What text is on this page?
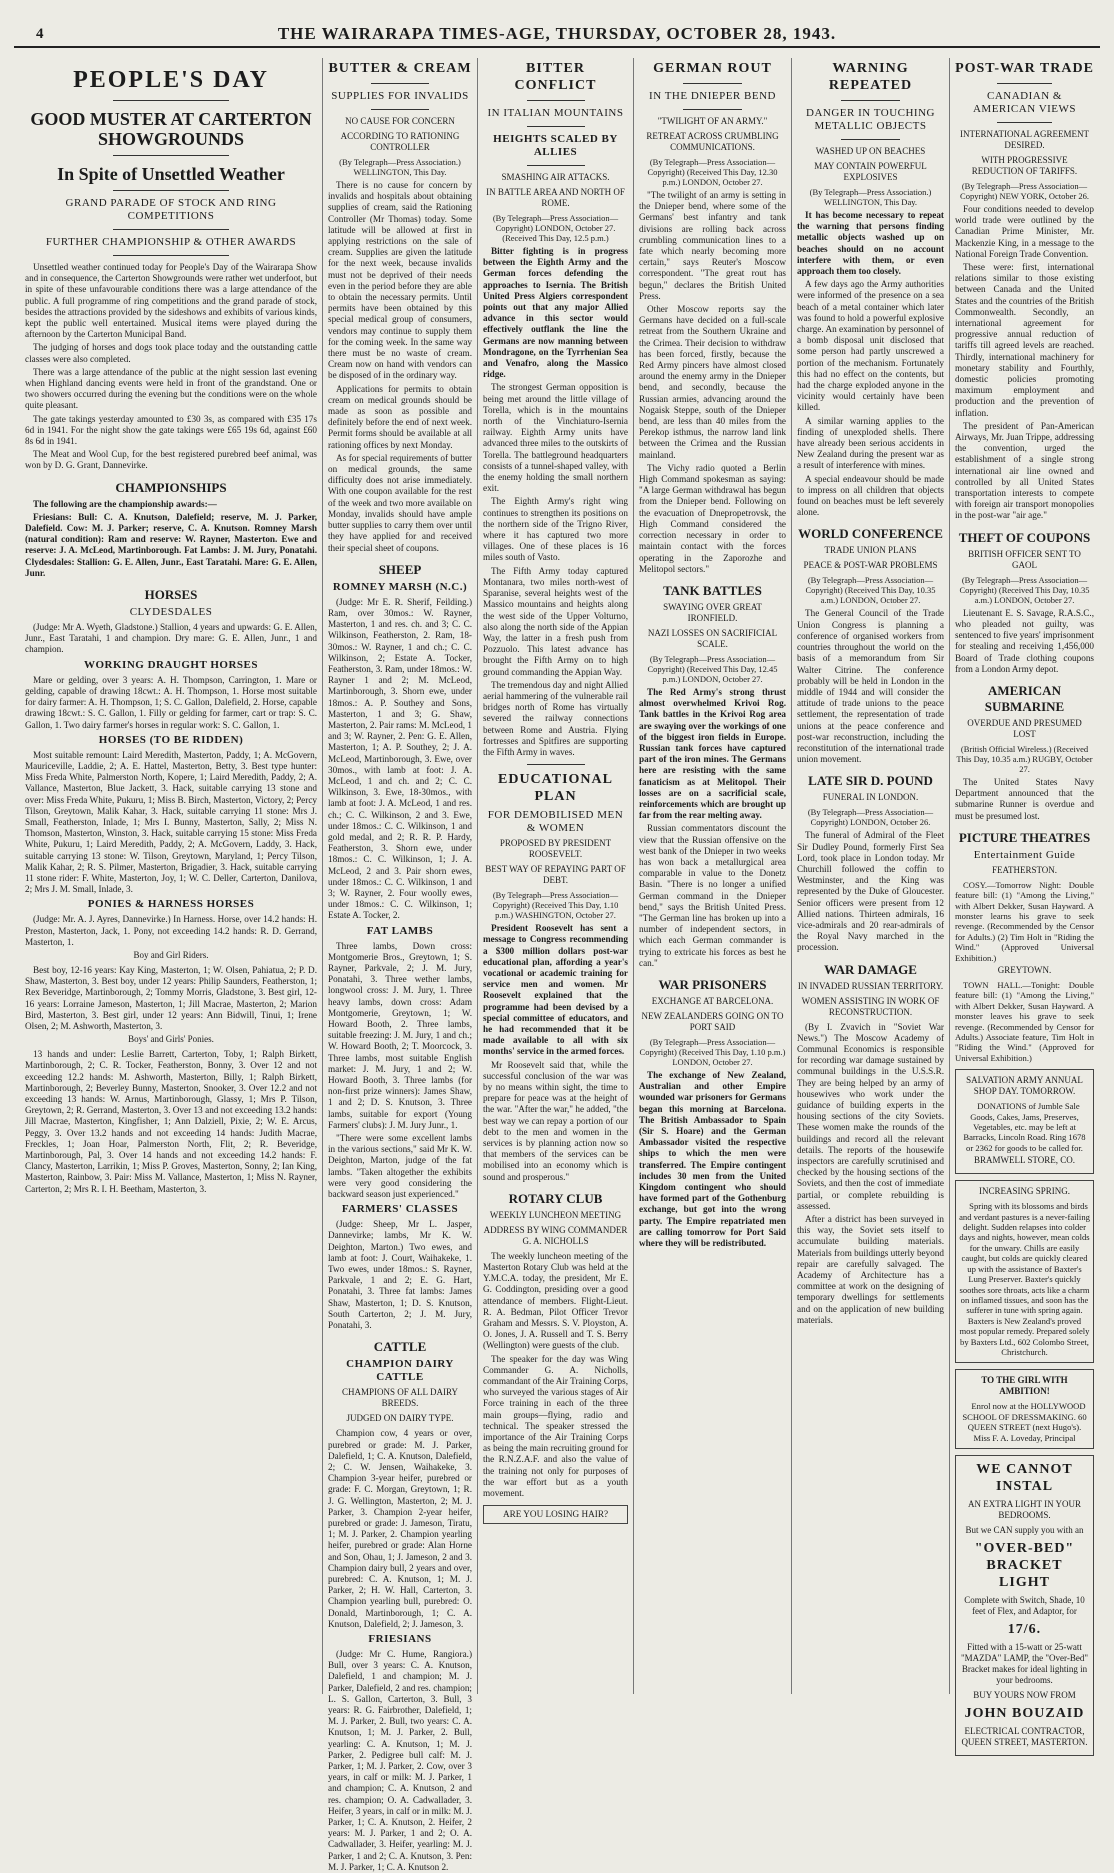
4	THE WAIRARAPA TIMES-AGE, THURSDAY, OCTOBER 28, 1943.
PEOPLE'S DAY
GOOD MUSTER AT CARTERTON SHOWGROUNDS
In Spite of Unsettled Weather
GRAND PARADE OF STOCK AND RING COMPETITIONS
FURTHER CHAMPIONSHIP & OTHER AWARDS

Unsettled weather continued today for People's Day of the Wairarapa Show and in consequence, the Carterton Showgrounds were rather wet underfoot, but in spite of these unfavourable conditions there was a large attendance of the public. A full programme of ring competitions and the grand parade of stock, besides the attractions provided by the sideshows and exhibits of various kinds, kept the public well entertained. Musical items were played during the afternoon by the Carterton Municipal Band.

The judging of horses and dogs took place today and the outstanding cattle classes were also completed.

There was a large attendance of the public at the night session last evening when Highland dancing events were held in front of the grandstand. One or two showers occurred during the evening but the conditions were on the whole quite pleasant.

The gate takings yesterday amounted to £30 3s, as compared with £35 17s 6d in 1941. For the night show the gate takings were £65 19s 6d, against £60 8s 6d in 1941.

The Meat and Wool Cup, for the best registered purebred beef animal, was won by D. G. Grant, Dannevirke.

CHAMPIONSHIPS

The following are the championship awards:—

Friesians: Bull: C. A. Knutson, Dalefield; reserve, M. J. Parker, Dalefield. Cow: M. J. Parker; reserve, C. A. Knutson. Romney Marsh (natural condition): Ram and reserve: W. Rayner, Masterton. Ewe and reserve: J. A. McLeod, Martinborough. Fat Lambs: J. M. Jury, Ponatahi. Clydesdales: Stallion: G. E. Allen, Junr., East Taratahi. Mare: G. E. Allen, Junr.

HORSES
CLYDESDALES

(Judge: Mr A. Wyeth, Gladstone.) Stallion, 4 years and upwards: G. E. Allen, Junr., East Taratahi, 1 and champion. Dry mare: G. E. Allen, Junr., 1 and champion.

WORKING DRAUGHT HORSES

Mare or gelding, over 3 years: A. H. Thompson, Carrington, 1. Mare or gelding, capable of drawing 18cwt.: A. H. Thompson, 1. Horse most suitable for dairy farmer: A. H. Thompson, 1; S. C. Gallon, Dalefield, 2. Horse, capable drawing 18cwt.: S. C. Gallon, 1. Filly or gelding for farmer, cart or trap: S. C. Gallon, 1. Two dairy farmer's horses in regular work: S. C. Gallon, 1.

HORSES (TO BE RIDDEN)

Most suitable remount: Laird Meredith, Masterton, Paddy, 1; A. McGovern, Mauriceville, Laddie, 2; A. E. Hattel, Masterton, Betty, 3. Best type hunter: Miss Freda White, Palmerston North, Kopere, 1; Laird Meredith, Paddy, 2; A. Vallance, Masterton, Blue Jackett, 3. Hack, suitable carrying 13 stone and over: Miss Freda White, Pukuru, 1; Miss B. Birch, Masterton, Victory, 2; Percy Tilson, Greytown, Malik Kahar, 3. Hack, suitable carrying 11 stone: Mrs J. Small, Featherston, Inlade, 1; Mrs I. Bunny, Masterton, Sally, 2; Miss N. Thomson, Masterton, Winston, 3. Hack, suitable carrying 15 stone: Miss Freda White, Pukuru, 1; Laird Meredith, Paddy, 2; A. McGovern, Laddy, 3. Hack, suitable carrying 13 stone: W. Tilson, Greytown, Maryland, 1; Percy Tilson, Malik Kahar, 2; R. S. Pilmer, Masterton, Brigadier, 3. Hack, suitable carrying 11 stone rider: F. White, Masterton, Joy, 1; W. C. Deller, Carterton, Danilova, 2; Mrs J. M. Small, Inlade, 3.

PONIES & HARNESS HORSES

(Judge: Mr. A. J. Ayres, Dannevirke.) In Harness. Horse, over 14.2 hands: H. Preston, Masterton, Jack, 1. Pony, not exceeding 14.2 hands: R. D. Gerrand, Masterton, 1.

Boy and Girl Riders.

Best boy, 12-16 years: Kay King, Masterton, 1; W. Olsen, Pahiatua, 2; P. D. Shaw, Masterton, 3. Best boy, under 12 years: Philip Saunders, Featherston, 1; Rex Beveridge, Martinborough, 2; Tommy Morris, Gladstone, 3. Best girl, 12-16 years: Lorraine Jameson, Masterton, 1; Jill Macrae, Masterton, 2; Marion Bird, Masterton, 3. Best girl, under 12 years: Ann Bidwill, Tinui, 1; Irene Olsen, 2; M. Ashworth, Masterton, 3.

Boys' and Girls' Ponies.

13 hands and under: Leslie Barrett, Carterton, Toby, 1; Ralph Birkett, Martinborough, 2; C. R. Tocker, Featherston, Bonny, 3. Over 12 and not exceeding 12.2 hands: M. Ashworth, Masterton, Billy, 1; Ralph Birkett, Martinborough, 2; Beverley Bunny, Masterton, Snooker, 3. Over 12.2 and not exceeding 13 hands: W. Arnus, Martinborough, Glassy, 1; Mrs P. Tilson, Greytown, 2; R. Gerrand, Masterton, 3. Over 13 and not exceeding 13.2 hands: Jill Macrae, Masterton, Kingfisher, 1; Ann Dalziell, Pixie, 2; W. E. Arcus, Peggy, 3. Over 13.2 hands and not exceeding 14 hands: Judith Macrae, Freckles, 1; Joan Hoar, Palmerston North, Flit, 2; R. Beveridge, Martinborough, Pal, 3. Over 14 hands and not exceeding 14.2 hands: F. Clancy, Masterton, Larrikin, 1; Miss P. Groves, Masterton, Sonny, 2; Ian King, Masterton, Rainbow, 3. Pair: Miss M. Vallance, Masterton, 1; Miss N. Rayner, Carterton, 2; Mrs R. I. H. Beetham, Masterton, 3.

BUTTER & CREAM
SUPPLIES FOR INVALIDS
NO CAUSE FOR CONCERN
ACCORDING TO RATIONING CONTROLLER
(By Telegraph—Press Association.) WELLINGTON, This Day.

There is no cause for concern by invalids and hospitals about obtaining supplies of cream, said the Rationing Controller (Mr Thomas) today. Some latitude will be allowed at first in applying restrictions on the sale of cream. Supplies are given the latitude for the next week, because invalids must not be deprived of their needs even in the period before they are able to obtain the necessary permits. Until permits have been obtained by this special medical group of consumers, vendors may continue to supply them for the coming week. In the same way there must be no waste of cream. Cream now on hand with vendors can be disposed of in the ordinary way.

Applications for permits to obtain cream on medical grounds should be made as soon as possible and definitely before the end of next week. Permit forms should be available at all rationing offices by next Monday.

As for special requirements of butter on medical grounds, the same difficulty does not arise immediately. With one coupon available for the rest of the week and two more available on Monday, invalids should have ample butter supplies to carry them over until they have applied for and received their special sheet of coupons.

SHEEP
ROMNEY MARSH (N.C.)

(Judge: Mr E. R. Sherif, Feilding.) Ram, over 30mos.: W. Rayner, Masterton, 1 and res. ch. and 3; C. C. Wilkinson, Featherston, 2. Ram, 18-30mos.: W. Rayner, 1 and ch.; C. C. Wilkinson, 2; Estate A. Tocker, Featherston, 3. Ram, under 18mos.: W. Rayner 1 and 2; M. McLeod, Martinborough, 3. Shorn ewe, under 18mos.: A. P. Southey and Sons, Masterton, 1 and 3; G. Shaw, Masterton, 2. Pair rams: M. McLeod, 1 and 3; W. Rayner, 2. Pen: G. E. Allen, Masterton, 1; A. P. Southey, 2; J. A. McLeod, Martinborough, 3. Ewe, over 30mos., with lamb at foot: J. A. McLeod, 1 and ch. and 2; C. C. Wilkinson, 3. Ewe, 18-30mos., with lamb at foot: J. A. McLeod, 1 and res. ch.; C. C. Wilkinson, 2 and 3. Ewe, under 18mos.: C. C. Wilkinson, 1 and gold medal, and 2; R. R. P. Hardy, Featherston, 3. Shorn ewe, under 18mos.: C. C. Wilkinson, 1; J. A. McLeod, 2 and 3. Pair shorn ewes, under 18mos.: C. C. Wilkinson, 1 and 3; W. Rayner, 2. Four woolly ewes, under 18mos.: C. C. Wilkinson, 1; Estate A. Tocker, 2.

FAT LAMBS

Three lambs, Down cross: Montgomerie Bros., Greytown, 1; S. Rayner, Parkvale, 2; J. M. Jury, Ponatahi, 3. Three wether lambs, longwool cross: J. M. Jury, 1. Three heavy lambs, down cross: Adam Montgomerie, Greytown, 1; W. Howard Booth, 2. Three lambs, suitable freezing: J. M. Jury, 1 and ch.; W. Howard Booth, 2; T. Moorcock, 3. Three lambs, most suitable English market: J. M. Jury, 1 and 2; W. Howard Booth, 3. Three lambs (for non-first prize winners): James Shaw, 1 and 2; D. S. Knutson, 3. Three lambs, suitable for export (Young Farmers' clubs): J. M. Jury Junr., 1.

"There were some excellent lambs in the various sections," said Mr K. W. Deighton, Marton, judge of the fat lambs. "Taken altogether the exhibits were very good considering the backward season just experienced."

FARMERS' CLASSES

(Judge: Sheep, Mr L. Jasper, Dannevirke; lambs, Mr K. W. Deighton, Marton.) Two ewes, and lamb at foot: J. Court, Waihakeke, 1. Two ewes, under 18mos.: S. Rayner, Parkvale, 1 and 2; E. G. Hart, Ponatahi, 3. Three fat lambs: James Shaw, Masterton, 1; D. S. Knutson, South Carterton, 2; J. M. Jury, Ponatahi, 3.

CATTLE
CHAMPION DAIRY CATTLE
CHAMPIONS OF ALL DAIRY BREEDS.
JUDGED ON DAIRY TYPE.

Champion cow, 4 years or over, purebred or grade: M. J. Parker, Dalefield, 1; C. A. Knutson, Dalefield, 2; C. W. Jensen, Waihakeke, 3. Champion 3-year heifer, purebred or grade: F. C. Morgan, Greytown, 1; R. J. G. Wellington, Masterton, 2; M. J. Parker, 3. Champion 2-year heifer, purebred or grade: J. Jameson, Tiratu, 1; M. J. Parker, 2. Champion yearling heifer, purebred or grade: Alan Horne and Son, Ohau, 1; J. Jameson, 2 and 3. Champion dairy bull, 2 years and over, purebred: C. A. Knutson, 1; M. J. Parker, 2; H. W. Hall, Carterton, 3. Champion yearling bull, purebred: O. Donald, Martinborough, 1; C. A. Knutson, Dalefield, 2; J. Jameson, 3.

FRIESIANS

(Judge: Mr C. Hume, Rangiora.) Bull, over 3 years: C. A. Knutson, Dalefield, 1 and champion; M. J. Parker, Dalefield, 2 and res. champion; L. S. Gallon, Carterton, 3. Bull, 3 years: R. G. Fairbrother, Dalefield, 1; M. J. Parker, 2. Bull, two years: C. A. Knutson, 1; M. J. Parker, 2. Bull, yearling: C. A. Knutson, 1; M. J. Parker, 2. Pedigree bull calf: M. J. Parker, 1; M. J. Parker, 2. Cow, over 3 years, in calf or milk: M. J. Parker, 1 and champion; C. A. Knutson, 2 and res. champion; O. A. Cadwallader, 3. Heifer, 3 years, in calf or in milk: M. J. Parker, 1; C. A. Knutson, 2. Heifer, 2 years: M. J. Parker, 1 and 2; O. A. Cadwallader, 3. Heifer, yearling: M. J. Parker, 1 and 2; C. A. Knutson, 3. Pen: M. J. Parker, 1; C. A. Knutson 2.

BITTER CONFLICT
IN ITALIAN MOUNTAINS
HEIGHTS SCALED BY ALLIES
SMASHING AIR ATTACKS.
IN BATTLE AREA AND NORTH OF ROME.
(By Telegraph—Press Association—Copyright) LONDON, October 27. (Received This Day, 12.5 p.m.)

Bitter fighting is in progress between the Eighth Army and the German forces defending the approaches to Isernia. The British United Press Algiers correspondent points out that any major Allied advance in this sector would effectively outflank the line the Germans are now manning between Mondragone, on the Tyrrhenian Sea and Venafro, along the Massico ridge.

The strongest German opposition is being met around the little village of Torella, which is in the mountains north of the Vinchiaturo-Isernia railway. Eighth Army units have advanced three miles to the outskirts of Torella. The battleground headquarters consists of a tunnel-shaped valley, with the enemy holding the small northern exit.

The Eighth Army's right wing continues to strengthen its positions on the northern side of the Trigno River, where it has captured two more villages. One of these places is 16 miles south of Vasto.

The Fifth Army today captured Montanara, two miles north-west of Sparanise, several heights west of the Massico mountains and heights along the west side of the Upper Volturno, also along the north side of the Appian Way, the latter in a fresh push from Pozzuolo. This latest advance has brought the Fifth Army on to high ground commanding the Appian Way.

The tremendous day and night Allied aerial hammering of the vulnerable rail bridges north of Rome has virtually severed the railway connections between Rome and Austria. Flying fortresses and Spitfires are supporting the Fifth Army in waves.

EDUCATIONAL PLAN
FOR DEMOBILISED MEN & WOMEN
PROPOSED BY PRESIDENT ROOSEVELT.
BEST WAY OF REPAYING PART OF DEBT.
(By Telegraph—Press Association—Copyright) (Received This Day, 1.10 p.m.) WASHINGTON, October 27.

President Roosevelt has sent a message to Congress recommending a $300 million dollars post-war educational plan, affording a year's vocational or academic training for service men and women. Mr Roosevelt explained that the programme had been devised by a special committee of educators, and he had recommended that it be made available to all with six months' service in the armed forces.

Mr Roosevelt said that, while the successful conclusion of the war was by no means within sight, the time to prepare for peace was at the height of the war. "After the war," he added, "the best way we can repay a portion of our debt to the men and women in the services is by planning action now so that members of the services can be mobilised into an economy which is sound and prosperous."

ROTARY CLUB
WEEKLY LUNCHEON MEETING
ADDRESS BY WING COMMANDER G. A. NICHOLLS

The weekly luncheon meeting of the Masterton Rotary Club was held at the Y.M.C.A. today, the president, Mr E. G. Coddington, presiding over a good attendance of members. Flight-Lieut. R. A. Bedman, Pilot Officer Trevor Graham and Messrs. S. V. Ployston, A. O. Jones, J. A. Russell and T. S. Berry (Wellington) were guests of the club.

The speaker for the day was Wing Commander G. A. Nicholls, commandant of the Air Training Corps, who surveyed the various stages of Air Force training in each of the three main groups—flying, radio and technical. The speaker stressed the importance of the Air Training Corps as being the main recruiting ground for the R.N.Z.A.F. and also the value of the training not only for purposes of the war effort but as a youth movement.

ARE YOU LOSING HAIR?
GERMAN ROUT
IN THE DNIEPER BEND
"TWILIGHT OF AN ARMY."
RETREAT ACROSS CRUMBLING COMMUNICATIONS.
(By Telegraph—Press Association—Copyright) (Received This Day, 12.30 p.m.) LONDON, October 27.

"The twilight of an army is setting in the Dnieper bend, where some of the Germans' best infantry and tank divisions are rolling back across crumbling communication lines to a fate which nearly becoming more certain," says Reuter's Moscow correspondent. "The great rout has begun," declares the British United Press.

Other Moscow reports say the Germans have decided on a full-scale retreat from the Southern Ukraine and the Crimea. Their decision to withdraw has been forced, firstly, because the Red Army pincers have almost closed around the enemy army in the Dnieper bend, and secondly, because the Russian armies, advancing around the Nogaisk Steppe, south of the Dnieper bend, are less than 40 miles from the Perekop isthmus, the narrow land link between the Crimea and the Russian mainland.

The Vichy radio quoted a Berlin High Command spokesman as saying: "A large German withdrawal has begun from the Dnieper bend. Following on the evacuation of Dnepropetrovsk, the High Command considered the correction necessary in order to maintain contact with the forces operating in the Zaporozhe and Melitopol sectors."

TANK BATTLES
SWAYING OVER GREAT IRONFIELD.
NAZI LOSSES ON SACRIFICIAL SCALE.
(By Telegraph—Press Association—Copyright) (Received This Day, 12.45 p.m.) LONDON, October 27.

The Red Army's strong thrust almost overwhelmed Krivoi Rog. Tank battles in the Krivoi Rog area are swaying over the workings of one of the biggest iron fields in Europe. Russian tank forces have captured part of the iron mines. The Germans here are resisting with the same fanaticism as at Melitopol. Their losses are on a sacrificial scale, reinforcements which are brought up far from the rear melting away.

Russian commentators discount the view that the Russian offensive on the west bank of the Dnieper in two weeks has won back a metallurgical area comparable in value to the Donetz Basin. "There is no longer a unified German command in the Dnieper bend," says the British United Press. "The German line has broken up into a number of independent sectors, in which each German commander is trying to extricate his forces as best he can."

WAR PRISONERS
EXCHANGE AT BARCELONA.
NEW ZEALANDERS GOING ON TO PORT SAID
(By Telegraph—Press Association—Copyright) (Received This Day, 1.10 p.m.) LONDON, October 27.

The exchange of New Zealand, Australian and other Empire wounded war prisoners for Germans began this morning at Barcelona. The British Ambassador to Spain (Sir S. Hoare) and the German Ambassador visited the respective ships to which the men were transferred. The Empire contingent includes 30 men from the United Kingdom contingent who should have formed part of the Gothenburg exchange, but got into the wrong party. The Empire repatriated men are calling tomorrow for Port Said where they will be redistributed.

WARNING REPEATED
DANGER IN TOUCHING METALLIC OBJECTS
WASHED UP ON BEACHES
MAY CONTAIN POWERFUL EXPLOSIVES
(By Telegraph—Press Association.) WELLINGTON, This Day.

It has become necessary to repeat the warning that persons finding metallic objects washed up on beaches should on no account interfere with them, or even approach them too closely.

A few days ago the Army authorities were informed of the presence on a sea beach of a metal container which later was found to hold a powerful explosive charge. An examination by personnel of a bomb disposal unit disclosed that some person had partly unscrewed a portion of the mechanism. Fortunately this had no effect on the contents, but had the charge exploded anyone in the vicinity would certainly have been killed.

A similar warning applies to the finding of unexploded shells. There have already been serious accidents in New Zealand during the present war as a result of interference with mines.

A special endeavour should be made to impress on all children that objects found on beaches must be left severely alone.

WORLD CONFERENCE
TRADE UNION PLANS
PEACE & POST-WAR PROBLEMS
(By Telegraph—Press Association—Copyright) (Received This Day, 10.35 a.m.) LONDON, October 27.

The General Council of the Trade Union Congress is planning a conference of organised workers from countries throughout the world on the basis of a memorandum from Sir Walter Citrine. The conference probably will be held in London in the middle of 1944 and will consider the attitude of trade unions to the peace settlement, the representation of trade unions at the peace conference and post-war reconstruction, including the reconstitution of the international trade union movement.

LATE SIR D. POUND
FUNERAL IN LONDON.
(By Telegraph—Press Association—Copyright) LONDON, October 26.

The funeral of Admiral of the Fleet Sir Dudley Pound, formerly First Sea Lord, took place in London today. Mr Churchill followed the coffin to Westminster, and the King was represented by the Duke of Gloucester. Senior officers were present from 12 Allied nations. Thirteen admirals, 16 vice-admirals and 20 rear-admirals of the Royal Navy marched in the procession.

WAR DAMAGE
IN INVADED RUSSIAN TERRITORY.
WOMEN ASSISTING IN WORK OF RECONSTRUCTION.

(By I. Zvavich in "Soviet War News.") The Moscow Academy of Communal Economics is responsible for recording war damage sustained by communal buildings in the U.S.S.R. They are being helped by an army of housewives who work under the guidance of building experts in the housing sections of the city Soviets. These women make the rounds of the buildings and record all the relevant details. The reports of the housewife inspectors are carefully scrutinised and checked by the housing sections of the Soviets, and then the cost of immediate partial, or complete rebuilding is assessed.

After a district has been surveyed in this way, the Soviet sets itself to accumulate building materials. Materials from buildings utterly beyond repair are carefully salvaged. The Academy of Architecture has a committee at work on the designing of temporary dwellings for settlements and on the application of new building materials.

POST-WAR TRADE
CANADIAN & AMERICAN VIEWS
INTERNATIONAL AGREEMENT DESIRED.
WITH PROGRESSIVE REDUCTION OF TARIFFS.
(By Telegraph—Press Association—Copyright) NEW YORK, October 26.

Four conditions needed to develop world trade were outlined by the Canadian Prime Minister, Mr. Mackenzie King, in a message to the National Foreign Trade Convention.

These were: first, international relations similar to those existing between Canada and the United States and the countries of the British Commonwealth. Secondly, an international agreement for progressive annual reduction of tariffs till agreed levels are reached. Thirdly, international machinery for monetary stability and Fourthly, domestic policies promoting maximum employment and production and the prevention of inflation.

The president of Pan-American Airways, Mr. Juan Trippe, addressing the convention, urged the establishment of a single strong international air line owned and controlled by all United States transportation interests to compete with foreign air transport monopolies in the post-war "air age."

THEFT OF COUPONS
BRITISH OFFICER SENT TO GAOL
(By Telegraph—Press Association—Copyright) (Received This Day, 10.35 a.m.) LONDON, October 27.

Lieutenant E. S. Savage, R.A.S.C., who pleaded not guilty, was sentenced to five years' imprisonment for stealing and receiving 1,456,000 Board of Trade clothing coupons from a London Army depot.

AMERICAN SUBMARINE
OVERDUE AND PRESUMED LOST
(British Official Wireless.) (Received This Day, 10.35 a.m.) RUGBY, October 27.

The United States Navy Department announced that the submarine Runner is overdue and must be presumed lost.

PICTURE THEATRES
Entertainment Guide
FEATHERSTON.

COSY.—Tomorrow Night: Double feature bill: (1) "Among the Living," with Albert Dekker, Susan Hayward. A monster learns his grave to seek revenge. (Recommended by the Censor for Adults.) (2) Tim Holt in "Riding the Wind." (Approved Universal Exhibition.)

GREYTOWN.

TOWN HALL.—Tonight: Double feature bill: (1) "Among the Living," with Albert Dekker, Susan Hayward. A monster leaves his grave to seek revenge. (Recommended by Censor for Adults.) Associate feature, Tim Holt in "Riding the Wind." (Approved for Universal Exhibition.)

SALVATION ARMY ANNUAL SHOP DAY. TOMORROW.

DONATIONS of Jumble Sale Goods, Cakes, Jams, Preserves, Vegetables, etc. may be left at Barracks, Lincoln Road. Ring 1678 or 2362 for goods to be called for.

BRAMWELL STORE, CO.
INCREASING SPRING.

Spring with its blossoms and birds and verdant pastures is a never-failing delight. Sudden relapses into colder days and nights, however, mean colds for the unwary. Chills are easily caught, but colds are quickly cleared up with the assistance of Baxter's Lung Preserver. Baxter's quickly soothes sore throats, acts like a charm on inflamed tissues, and soon has the sufferer in tune with spring again. Baxters is New Zealand's proved most popular remedy. Prepared solely by Baxters Ltd., 602 Colombo Street, Christchurch.

TO THE GIRL WITH AMBITION!

Enrol now at the HOLLYWOOD SCHOOL OF DRESSMAKING. 60 QUEEN STREET (next Hugo's). Miss F. A. Loveday, Principal

WE CANNOT INSTAL
AN EXTRA LIGHT IN YOUR BEDROOMS.
But we CAN supply you with an
"OVER-BED" BRACKET LIGHT
Complete with Switch, Shade, 10 feet of Flex, and Adaptor, for
17/6.
Fitted with a 15-watt or 25-watt "MAZDA" LAMP, the "Over-Bed" Bracket makes for ideal lighting in your bedrooms.
BUY YOURS NOW FROM
JOHN BOUZAID
ELECTRICAL CONTRACTOR, QUEEN STREET, MASTERTON.
